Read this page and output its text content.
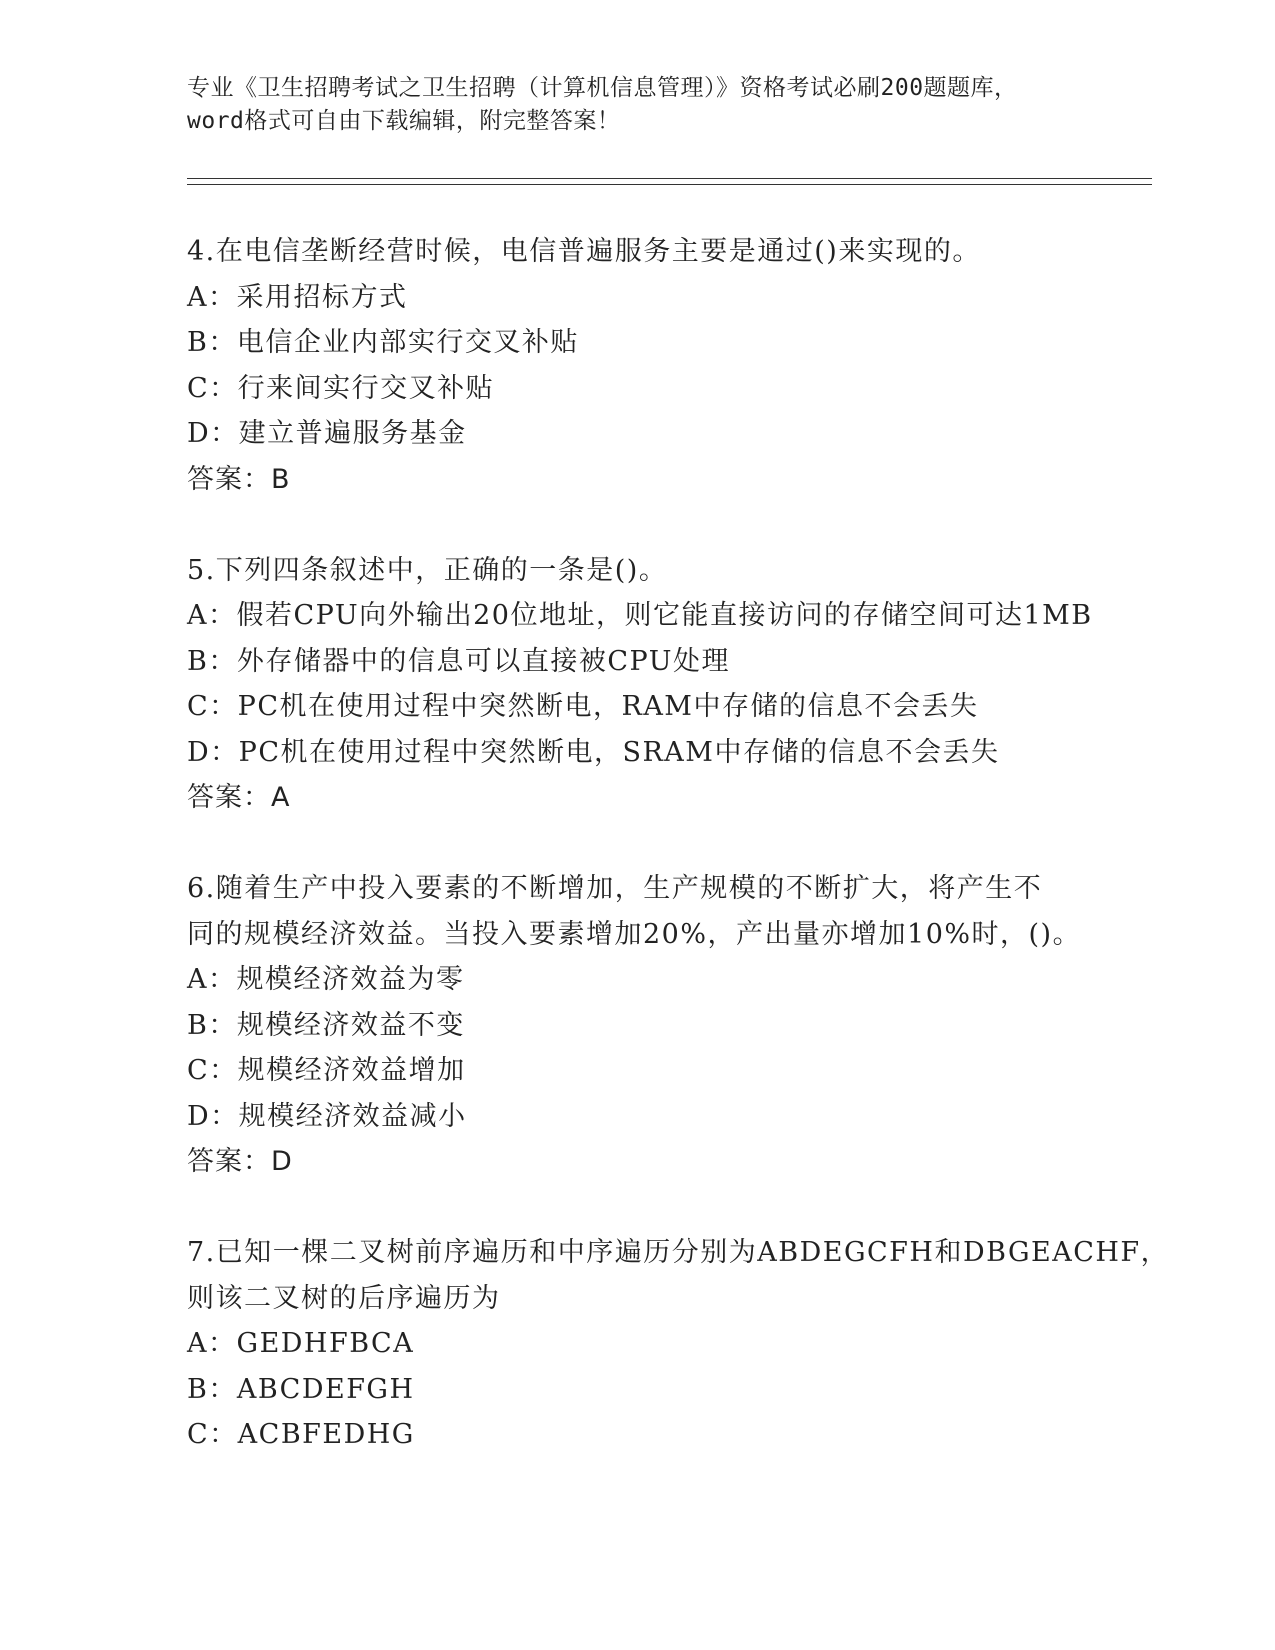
专业《卫生招聘考试之卫生招聘（计算机信息管理）》资格考试必刷200题题库，
word格式可自由下载编辑，附完整答案！
4.在电信垄断经营时候，电信普遍服务主要是通过()来实现的。
A：采用招标方式
B：电信企业内部实行交叉补贴
C：行来间实行交叉补贴
D：建立普遍服务基金
答案：B
5.下列四条叙述中，正确的一条是()。
A：假若CPU向外输出20位地址，则它能直接访问的存储空间可达1MB
B：外存储器中的信息可以直接被CPU处理
C：PC机在使用过程中突然断电，RAM中存储的信息不会丢失
D：PC机在使用过程中突然断电，SRAM中存储的信息不会丢失
答案：A
6.随着生产中投入要素的不断增加，生产规模的不断扩大，将产生不
同的规模经济效益。当投入要素增加20%，产出量亦增加10%时，()。
A：规模经济效益为零
B：规模经济效益不变
C：规模经济效益增加
D：规模经济效益减小
答案：D
7.已知一棵二叉树前序遍历和中序遍历分别为ABDEGCFH和DBGEACHF，
则该二叉树的后序遍历为
A：GEDHFBCA
B：ABCDEFGH
C：ACBFEDHG
